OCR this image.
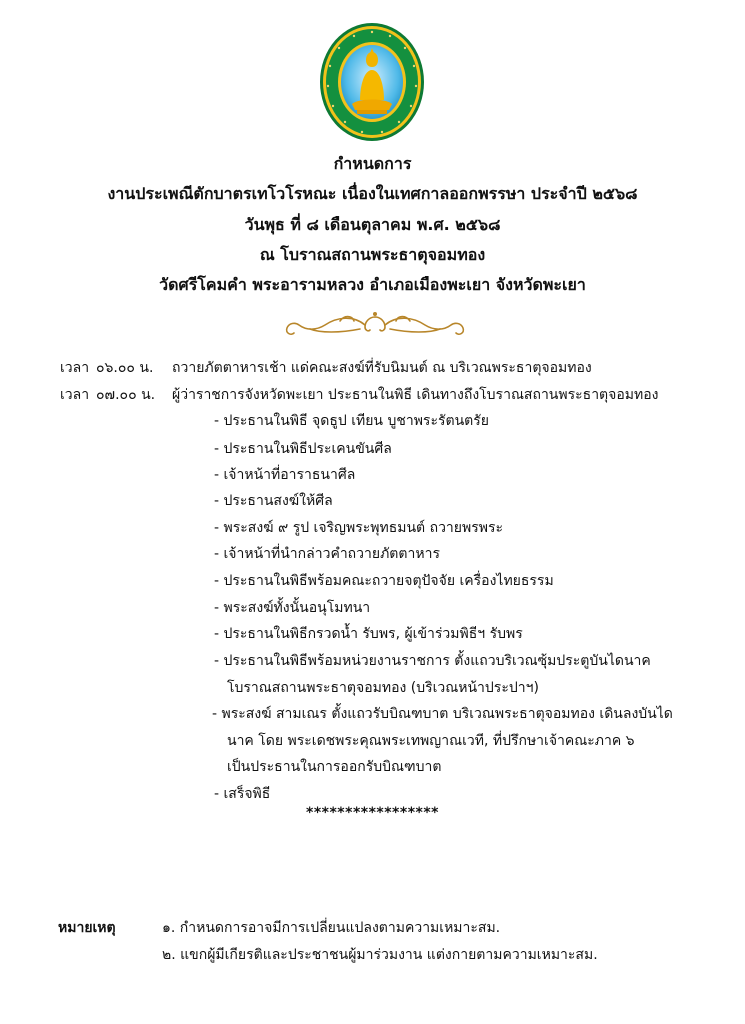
กำหนดการ
งานประเพณีตักบาตรเทโวโรหณะ เนื่องในเทศกาลออกพรรษา ประจำปี ๒๕๖๘
วันพุธ ที่ ๘ เดือนตุลาคม พ.ศ. ๒๕๖๘
ณ โบราณสถานพระธาตุจอมทอง
วัดศรีโคมคำ พระอารามหลวง อำเภอเมืองพะเยา จังหวัดพะเยา
เวลา ๐๖.๐๐ น. ถวายภัตตาหารเช้า แด่คณะสงฆ์ที่รับนิมนต์ ณ บริเวณพระธาตุจอมทอง
เวลา ๐๗.๐๐ น. ผู้ว่าราชการจังหวัดพะเยา ประธานในพิธี เดินทางถึงโบราณสถานพระธาตุจอมทอง
- ประธานในพิธี จุดธูป เทียน บูชาพระรัตนตรัย
- ประธานในพิธีประเคนขันศีล
- เจ้าหน้าที่อาราธนาศีล
- ประธานสงฆ์ให้ศีล
- พระสงฆ์ ๙ รูป เจริญพระพุทธมนต์ ถวายพรพระ
- เจ้าหน้าที่นำกล่าวคำถวายภัตตาหาร
- ประธานในพิธีพร้อมคณะถวายจตุปัจจัย เครื่องไทยธรรม
- พระสงฆ์ทั้งนั้นอนุโมทนา
- ประธานในพิธีกรวดน้ำ รับพร, ผู้เข้าร่วมพิธีฯ รับพร
- ประธานในพิธีพร้อมหน่วยงานราชการ ตั้งแถวบริเวณซุ้มประตูบันไดนาค
โบราณสถานพระธาตุจอมทอง (บริเวณหน้าประปาฯ)
- พระสงฆ์ สามเณร ตั้งแถวรับบิณฑบาต บริเวณพระธาตุจอมทอง เดินลงบันได
นาค โดย พระเดชพระคุณพระเทพญาณเวที, ที่ปรึกษาเจ้าคณะภาค ๖
เป็นประธานในการออกรับบิณฑบาต
- เสร็จพิธี
*****************
หมายเหตุ	๑. กำหนดการอาจมีการเปลี่ยนแปลงตามความเหมาะสม.
๒. แขกผู้มีเกียรติและประชาชนผู้มาร่วมงาน แต่งกายตามความเหมาะสม.
